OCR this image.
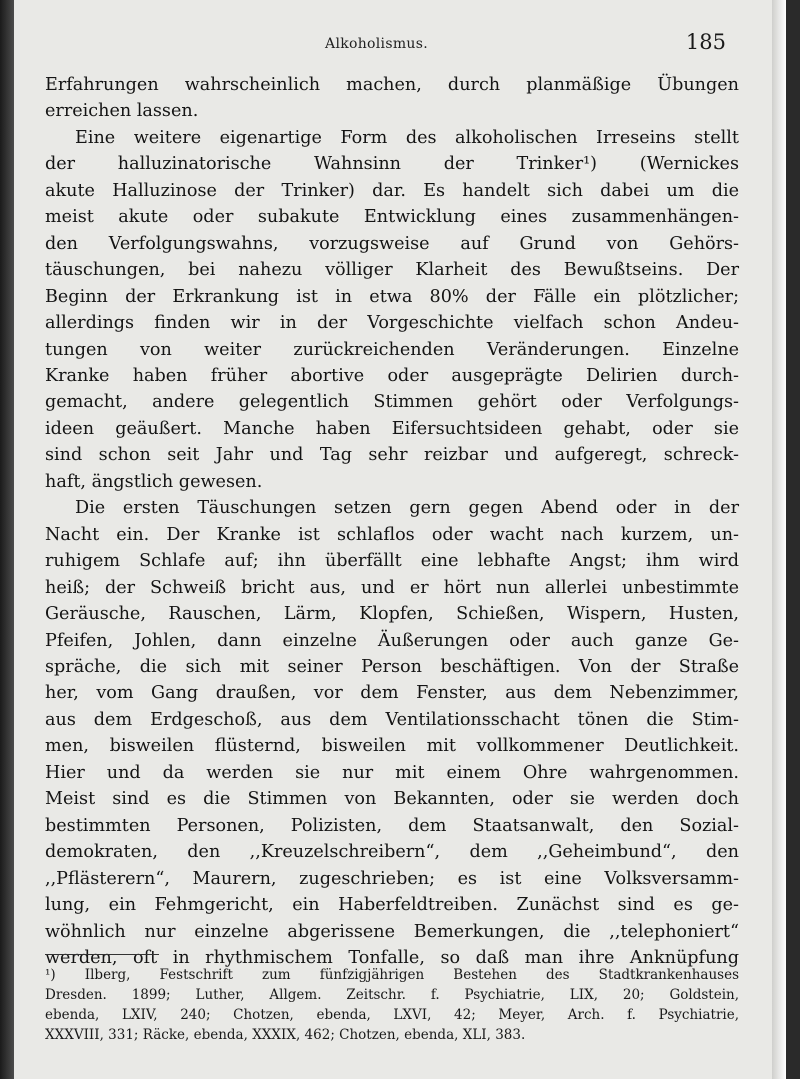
Alkoholismus.	185
Erfahrungen wahrscheinlich machen, durch planmäßige Übungen
erreichen lassen.
Eine weitere eigenartige Form des alkoholischen Irreseins stellt
der halluzinatorische Wahnsinn der Trinker¹) (Wernickes
akute Halluzinose der Trinker) dar. Es handelt sich dabei um die
meist akute oder subakute Entwicklung eines zusammenhängen-
den Verfolgungswahns, vorzugsweise auf Grund von Gehörs-
täuschungen, bei nahezu völliger Klarheit des Bewußtseins. Der
Beginn der Erkrankung ist in etwa 80% der Fälle ein plötzlicher;
allerdings finden wir in der Vorgeschichte vielfach schon Andeu-
tungen von weiter zurückreichenden Veränderungen. Einzelne
Kranke haben früher abortive oder ausgeprägte Delirien durch-
gemacht, andere gelegentlich Stimmen gehört oder Verfolgungs-
ideen geäußert. Manche haben Eifersuchtsideen gehabt, oder sie
sind schon seit Jahr und Tag sehr reizbar und aufgeregt, schreck-
haft, ängstlich gewesen.
Die ersten Täuschungen setzen gern gegen Abend oder in der
Nacht ein. Der Kranke ist schlaflos oder wacht nach kurzem, un-
ruhigem Schlafe auf; ihn überfällt eine lebhafte Angst; ihm wird
heiß; der Schweiß bricht aus, und er hört nun allerlei unbestimmte
Geräusche, Rauschen, Lärm, Klopfen, Schießen, Wispern, Husten,
Pfeifen, Johlen, dann einzelne Äußerungen oder auch ganze Ge-
spräche, die sich mit seiner Person beschäftigen. Von der Straße
her, vom Gang draußen, vor dem Fenster, aus dem Nebenzimmer,
aus dem Erdgeschoß, aus dem Ventilationsschacht tönen die Stim-
men, bisweilen flüsternd, bisweilen mit vollkommener Deutlichkeit.
Hier und da werden sie nur mit einem Ohre wahrgenommen.
Meist sind es die Stimmen von Bekannten, oder sie werden doch
bestimmten Personen, Polizisten, dem Staatsanwalt, den Sozial-
demokraten, den ,,Kreuzelschreibern“, dem ,,Geheimbund“, den
,,Pflästerern“, Maurern, zugeschrieben; es ist eine Volksversamm-
lung, ein Fehmgericht, ein Haberfeldtreiben. Zunächst sind es ge-
wöhnlich nur einzelne abgerissene Bemerkungen, die ,,telephoniert“
werden, oft in rhythmischem Tonfalle, so daß man ihre Anknüpfung
¹) Ilberg, Festschrift zum fünfzigjährigen Bestehen des Stadtkrankenhauses
Dresden. 1899; Luther, Allgem. Zeitschr. f. Psychiatrie, LIX, 20; Goldstein,
ebenda, LXIV, 240; Chotzen, ebenda, LXVI, 42; Meyer, Arch. f. Psychiatrie,
XXXVIII, 331; Räcke, ebenda, XXXIX, 462; Chotzen, ebenda, XLI, 383.
